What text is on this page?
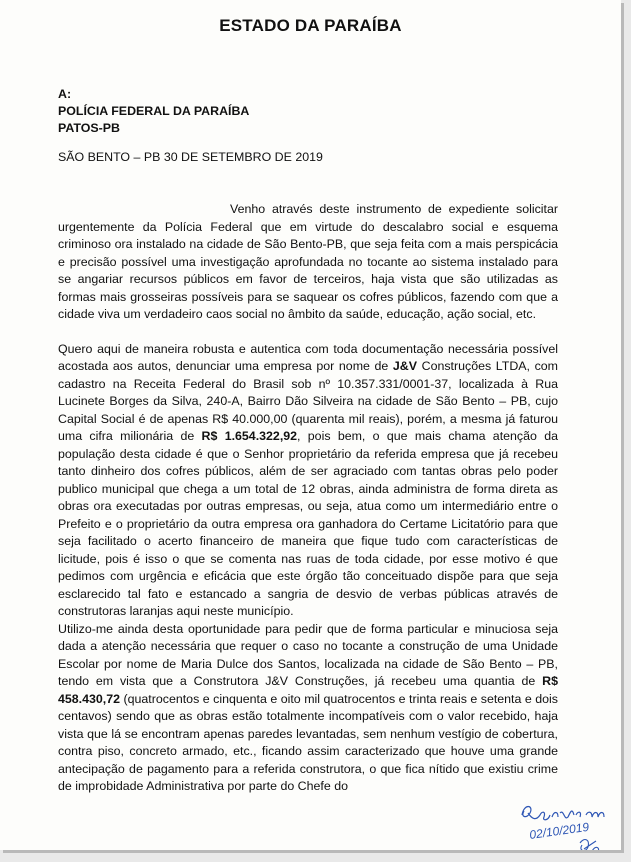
ESTADO DA PARAÍBA
A:
POLÍCIA FEDERAL DA PARAÍBA
PATOS-PB
SÃO BENTO – PB 30 DE SETEMBRO DE 2019

Venho através deste instrumento de expediente solicitar urgentemente da Polícia Federal que em virtude do descalabro social e esquema criminoso ora instalado na cidade de São Bento-PB, que seja feita com a mais perspicácia e precisão possível uma investigação aprofundada no tocante ao sistema instalado para se angariar recursos públicos em favor de terceiros, haja vista que são utilizadas as formas mais grosseiras possíveis para se saquear os cofres públicos, fazendo com que a cidade viva um verdadeiro caos social no âmbito da saúde, educação, ação social, etc.

Quero aqui de maneira robusta e autentica com toda documentação necessária possível acostada aos autos, denunciar uma empresa por nome de J&V Construções LTDA, com cadastro na Receita Federal do Brasil sob nº 10.357.331/0001-37, localizada à Rua Lucinete Borges da Silva, 240-A, Bairro Dão Silveira na cidade de São Bento – PB, cujo Capital Social é de apenas R$ 40.000,00 (quarenta mil reais), porém, a mesma já faturou uma cifra milionária de R$ 1.654.322,92, pois bem, o que mais chama atenção da população desta cidade é que o Senhor proprietário da referida empresa que já recebeu tanto dinheiro dos cofres públicos, além de ser agraciado com tantas obras pelo poder publico municipal que chega a um total de 12 obras, ainda administra de forma direta as obras ora executadas por outras empresas, ou seja, atua como um intermediário entre o Prefeito e o proprietário da outra empresa ora ganhadora do Certame Licitatório para que seja facilitado o acerto financeiro de maneira que fique tudo com características de licitude, pois é isso o que se comenta nas ruas de toda cidade, por esse motivo é que pedimos com urgência e eficácia que este órgão tão conceituado dispõe para que seja esclarecido tal fato e estancado a sangria de desvio de verbas públicas através de construtoras laranjas aqui neste município.

Utilizo-me ainda desta oportunidade para pedir que de forma particular e minuciosa seja dada a atenção necessária que requer o caso no tocante a construção de uma Unidade Escolar por nome de Maria Dulce dos Santos, localizada na cidade de São Bento – PB, tendo em vista que a Construtora J&V Construções, já recebeu uma quantia de R$ 458.430,72 (quatrocentos e cinquenta e oito mil quatrocentos e trinta reais e setenta e dois centavos) sendo que as obras estão totalmente incompatíveis com o valor recebido, haja vista que lá se encontram apenas paredes levantadas, sem nenhum vestígio de cobertura, contra piso, concreto armado, etc., ficando assim caracterizado que houve uma grande antecipação de pagamento para a referida construtora, o que fica nítido que existiu crime de improbidade Administrativa por parte do Chefe do

02/10/2019
